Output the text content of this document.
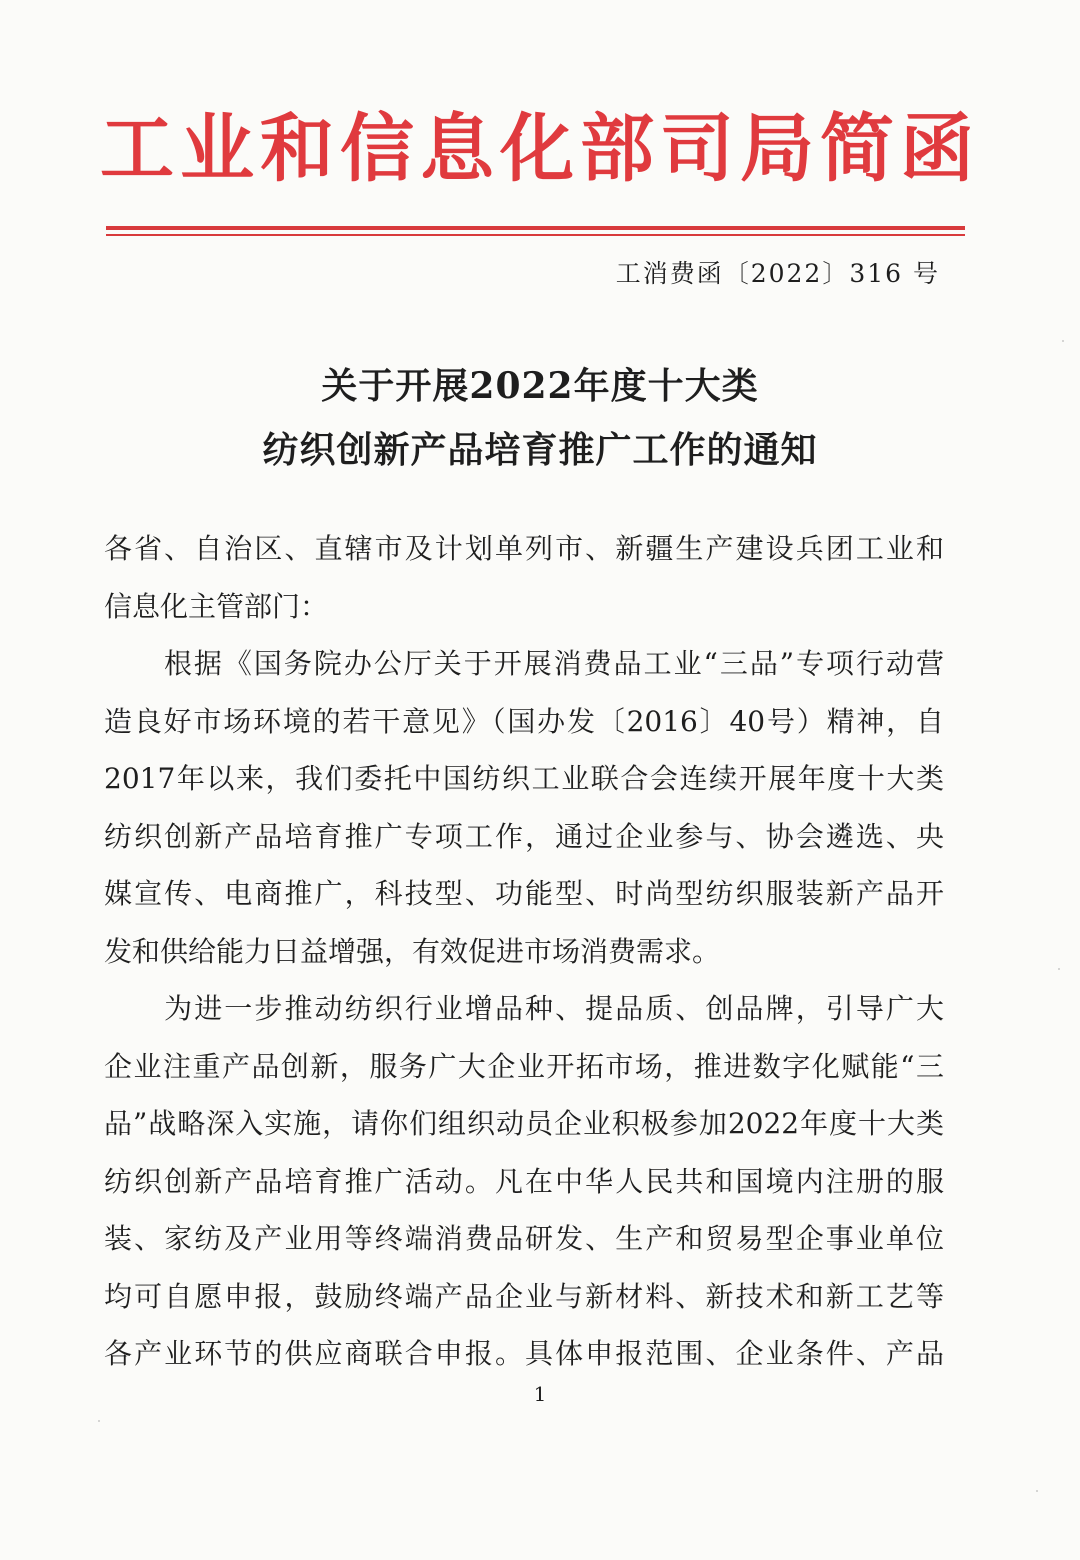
工业和信息化部司局简函
工消费函〔2022〕316 号
关于开展2022年度十大类
纺织创新产品培育推广工作的通知
各省、自治区、直辖市及计划单列市、新疆生产建设兵团工业和
信息化主管部门：
　　根据《国务院办公厅关于开展消费品工业“三品”专项行动营
造良好市场环境的若干意见》（国办发〔2016〕40号）精神，自
2017年以来，我们委托中国纺织工业联合会连续开展年度十大类
纺织创新产品培育推广专项工作，通过企业参与、协会遴选、央
媒宣传、电商推广，科技型、功能型、时尚型纺织服装新产品开
发和供给能力日益增强，有效促进市场消费需求。
　　为进一步推动纺织行业增品种、提品质、创品牌，引导广大
企业注重产品创新，服务广大企业开拓市场，推进数字化赋能“三
品”战略深入实施，请你们组织动员企业积极参加2022年度十大类
纺织创新产品培育推广活动。凡在中华人民共和国境内注册的服
装、家纺及产业用等终端消费品研发、生产和贸易型企事业单位
均可自愿申报，鼓励终端产品企业与新材料、新技术和新工艺等
各产业环节的供应商联合申报。具体申报范围、企业条件、产品
1
